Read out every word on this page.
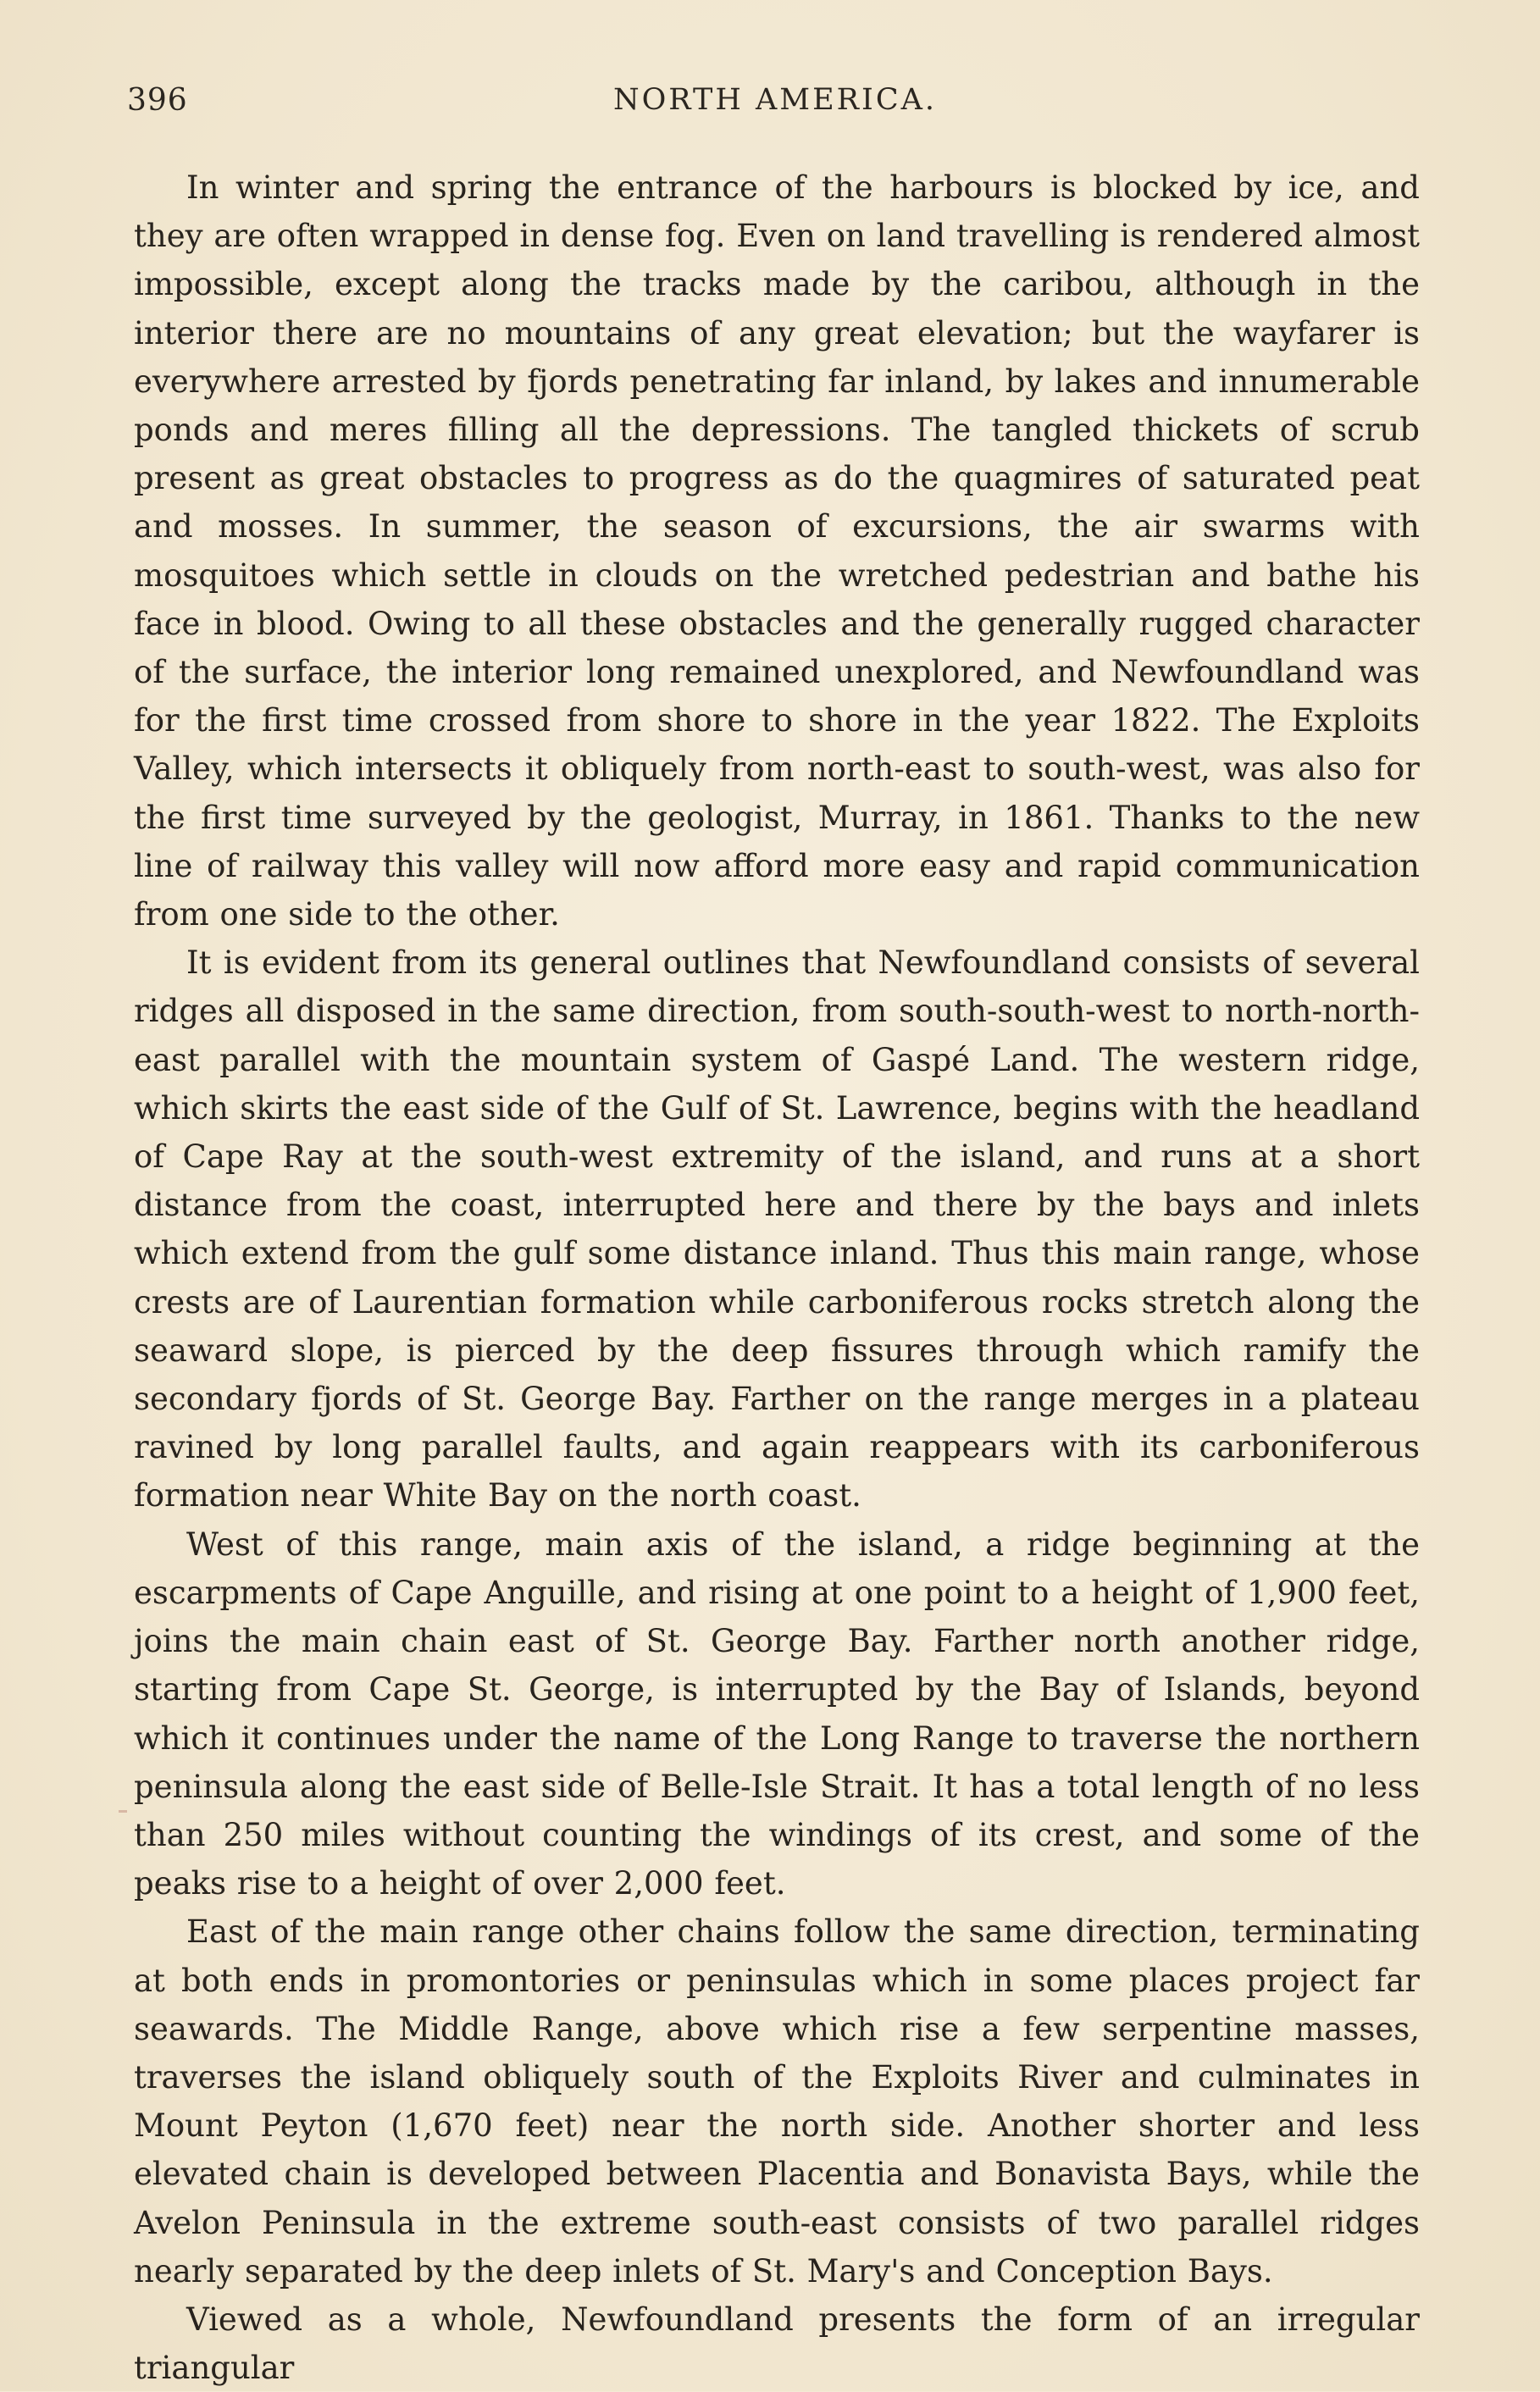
396	NORTH AMERICA.

In winter and spring the entrance of the harbours is blocked by ice, and they are often wrapped in dense fog. Even on land travelling is rendered almost impossible, except along the tracks made by the caribou, although in the interior there are no mountains of any great elevation; but the wayfarer is everywhere arrested by fjords penetrating far inland, by lakes and innumerable ponds and meres filling all the depressions. The tangled thickets of scrub present as great obstacles to progress as do the quagmires of saturated peat and mosses. In summer, the season of excursions, the air swarms with mosquitoes which settle in clouds on the wretched pedestrian and bathe his face in blood. Owing to all these obstacles and the generally rugged character of the surface, the interior long remained unexplored, and Newfoundland was for the first time crossed from shore to shore in the year 1822. The Exploits Valley, which intersects it obliquely from north-east to south-west, was also for the first time surveyed by the geologist, Murray, in 1861. Thanks to the new line of railway this valley will now afford more easy and rapid communication from one side to the other.

It is evident from its general outlines that Newfoundland consists of several ridges all disposed in the same direction, from south-south-west to north-north-east parallel with the mountain system of Gaspé Land. The western ridge, which skirts the east side of the Gulf of St. Lawrence, begins with the headland of Cape Ray at the south-west extremity of the island, and runs at a short distance from the coast, interrupted here and there by the bays and inlets which extend from the gulf some distance inland. Thus this main range, whose crests are of Laurentian formation while carboniferous rocks stretch along the seaward slope, is pierced by the deep fissures through which ramify the secondary fjords of St. George Bay. Farther on the range merges in a plateau ravined by long parallel faults, and again reappears with its carboniferous formation near White Bay on the north coast.

West of this range, main axis of the island, a ridge beginning at the escarpments of Cape Anguille, and rising at one point to a height of 1,900 feet, joins the main chain east of St. George Bay. Farther north another ridge, starting from Cape St. George, is interrupted by the Bay of Islands, beyond which it continues under the name of the Long Range to traverse the northern peninsula along the east side of Belle-Isle Strait. It has a total length of no less than 250 miles without counting the windings of its crest, and some of the peaks rise to a height of over 2,000 feet.

East of the main range other chains follow the same direction, terminating at both ends in promontories or peninsulas which in some places project far seawards. The Middle Range, above which rise a few serpentine masses, traverses the island obliquely south of the Exploits River and culminates in Mount Peyton (1,670 feet) near the north side. Another shorter and less elevated chain is developed between Placentia and Bonavista Bays, while the Avelon Peninsula in the extreme south-east consists of two parallel ridges nearly separated by the deep inlets of St. Mary's and Conception Bays.

Viewed as a whole, Newfoundland presents the form of an irregular triangular
